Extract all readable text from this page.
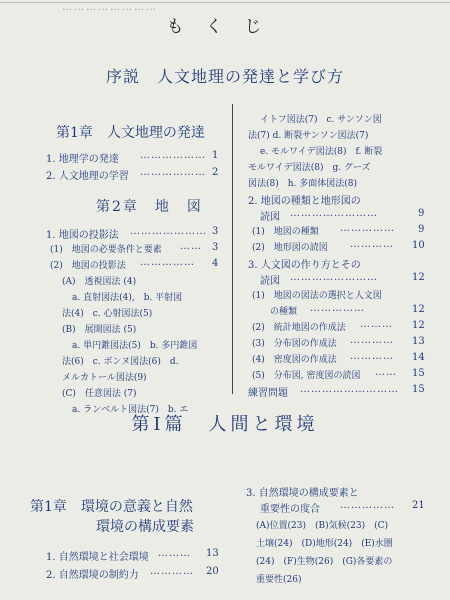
……………………
もくじ
序説　人文地理の発達と学び方
第1章　人文地理の発達
1. 地理学の発達 ……………… 1
2. 人文地理の学習 ……………… 2
第2章　地　図
1. 地図の投影法 ………………… 3
(1)　地図の必要条件と要素 …… 3
(2)　地図の投影法 …………… 4
(A)　透視図法 (4)
a. 直射図法(4),　b. 平射図
法(4)　c. 心射図法(5)
(B)　展開図法 (5)
a. 単円錐図法(5)　b. 多円錐図
法(6)　c. ボンヌ図法(6)　d.
メルカトール図法(9)
(C)　任意図法 (7)
a. ランベルト図法(7)　b. エ
イトフ図法(7)　c. サンソン図
法(7) d. 断裂サンソン図法(7)
e. モルワイデ図法(8)　f. 断裂
モルワイデ図法(8)　g. グーズ
図法(8)　h. 多面体図法(8)
2. 地図の種類と地形図の
読図 ……………………	9
(1)　地図の種類 …………… 9
(2)　地形図の読図 ………… 10
3. 人文図の作り方とその
読図 ……………………	12
(1)　地図の図法の選択と人文図
の種類 ……………	12
(2)　統計地図の作成法 ……… 12
(3)　分布図の作成法 ………… 13
(4)　密度図の作成法 ………… 14
(5)　分布図, 密度図の読図 …… 15
練習問題 ……………………… 15
第I篇　人間と環境
第1章　環境の意義と自然
環境の構成要素
1. 自然環境と社会環境 ……… 13
2. 自然環境の制約力 ………… 20
3. 自然環境の構成要素と
重要性の度合 …………… 21
(A)位置(23)　(B)気候(23)　(C)
土壌(24)　(D)地形(24)　(E)水圏
(24)　(F)生物(26)　(G)各要素の
重要性(26)
